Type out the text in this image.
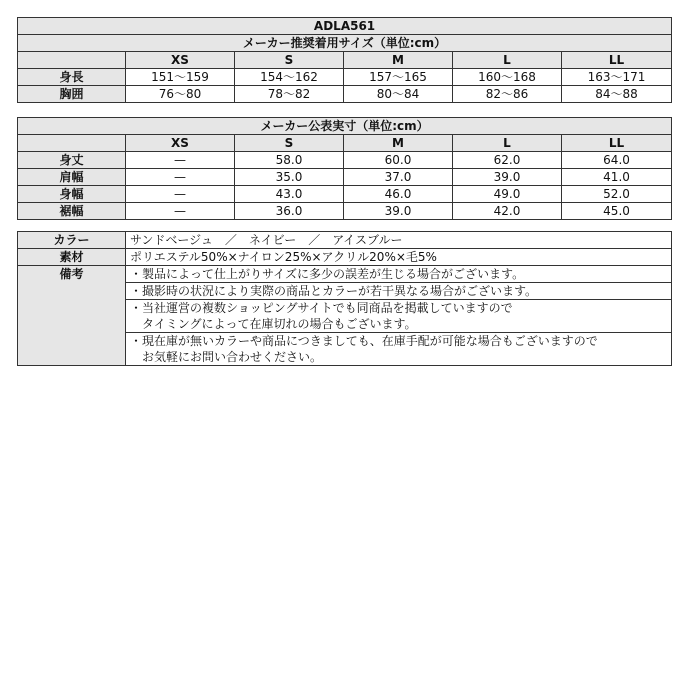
ADLA561					
メーカー推奨着用サイズ（単位:cm）					
	XS	S	M	L	LL
身長	151～159	154～162	157～165	160～168	163～171
胸囲	76～80	78～82	80～84	82～86	84～88
メーカー公表実寸（単位:cm）					
	XS	S	M	L	LL
身丈	—	58.0	60.0	62.0	64.0
肩幅	—	35.0	37.0	39.0	41.0
身幅	—	43.0	46.0	49.0	52.0
裾幅	—	36.0	39.0	42.0	45.0
カラー	サンドベージュ　／　ネイビー　／　アイスブルー
素材	ポリエステル50%×ナイロン25%×アクリル20%×毛5%
備考	・製品によって仕上がりサイズに多少の誤差が生じる場合がございます。

	・撮影時の状況により実際の商品とカラーが若干異なる場合がございます。

	・当社運営の複数ショッピングサイトでも同商品を掲載していますので
　タイミングによって在庫切れの場合もございます。

	・現在庫が無いカラーや商品につきましても、在庫手配が可能な場合もございますので
　お気軽にお問い合わせください。
